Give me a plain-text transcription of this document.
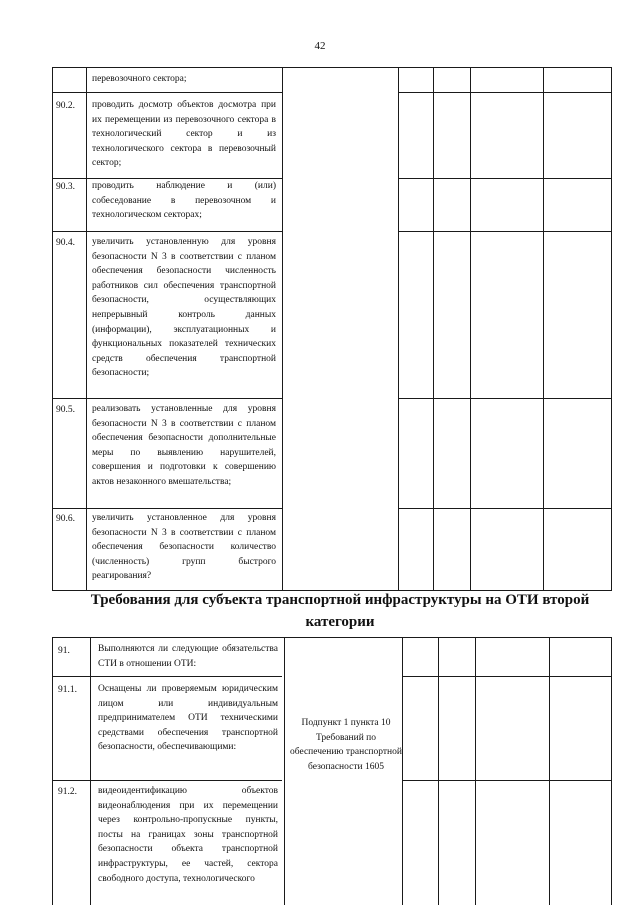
42
перевозочного сектора;
90.2. проводить досмотр объектов досмотра при их перемещении из перевозочного сектора в технологический сектор и из технологического сектора в перевозочный сектор;
90.3. проводить наблюдение и (или) собеседование в перевозочном и технологическом секторах;
90.4. увеличить установленную для уровня безопасности N 3 в соответствии с планом обеспечения безопасности численность работников сил обеспечения транспортной безопасности, осуществляющих непрерывный контроль данных (информации), эксплуатационных и функциональных показателей технических средств обеспечения транспортной безопасности;
90.5. реализовать установленные для уровня безопасности N 3 в соответствии с планом обеспечения безопасности дополнительные меры по выявлению нарушителей, совершения и подготовки к совершению актов незаконного вмешательства;
90.6. увеличить установленное для уровня безопасности N 3 в соответствии с планом обеспечения безопасности количество (численность) групп быстрого реагирования?
Требования для субъекта транспортной инфраструктуры на ОТИ второй категории
91.	Выполняются ли следующие обязательства СТИ в отношении ОТИ:
91.1. Оснащены ли проверяемым юридическим лицом или индивидуальным предпринимателем ОТИ техническими средствами обеспечения транспортной безопасности, обеспечивающими:
91.2. видеоидентификацию объектов видеонаблюдения при их перемещении через контрольно-пропускные пункты, посты на границах зоны транспортной безопасности объекта транспортной инфраструктуры, ее частей, сектора свободного доступа, технологического
Подпункт 1 пункта 10 Требований по обеспечению транспортной безопасности 1605
